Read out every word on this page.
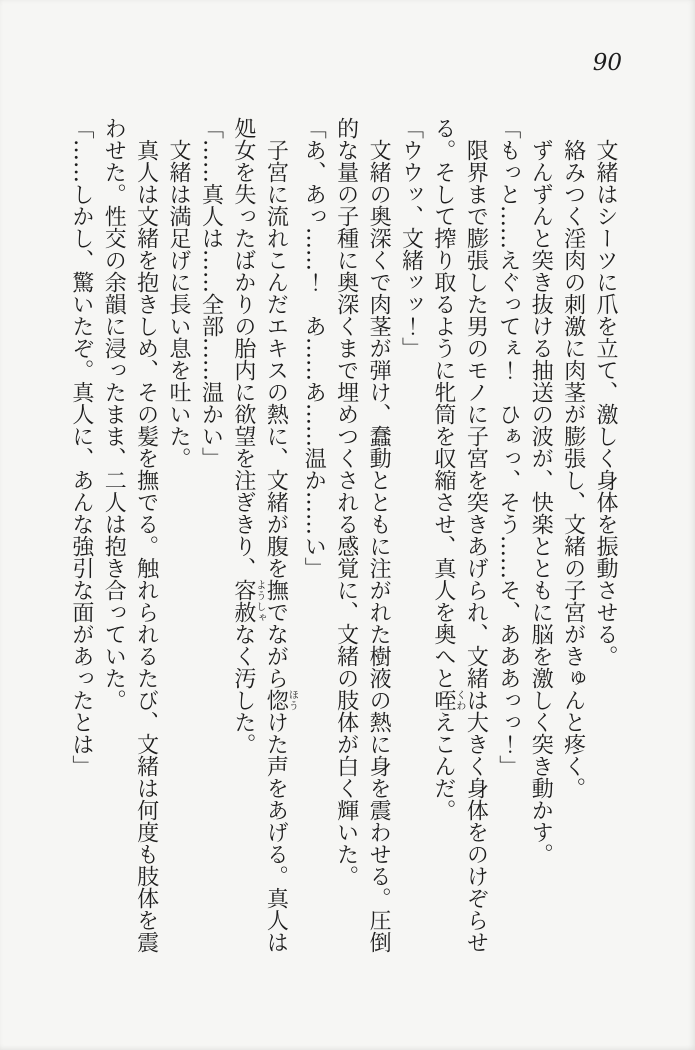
90

文緒はシーツに爪を立て、激しく身体を振動させる。

絡みつく淫肉の刺激に肉茎が膨張し、文緒の子宮がきゅんと疼く。

ずんずんと突き抜ける抽送の波が、快楽とともに脳を激しく突き動かす。

「もっと……えぐってぇ！　ひぁっ、そう……そ、あああっっ！」

限界まで膨張した男のモノに子宮を突きあげられ、文緒は大きく身体をのけぞらせる。そして搾り取るように牝筒を収縮させ、真人を奥へと咥くわえこんだ。

「ウウッ、文緒ッッ！」

文緒の奥深くで肉茎が弾け、蠢動とともに注がれた樹液の熱に身を震わせる。圧倒的な量の子種に奥深くまで埋めつくされる感覚に、文緒の肢体が白く輝いた。

「あ、あっ……！　あ……あ……温か……い」

子宮に流れこんだエキスの熱に、文緒が腹を撫でながら惚ほうけた声をあげる。真人は処女を失ったばかりの胎内に欲望を注ぎきり、容赦ようしゃなく汚した。

「……真人は……全部……温かい」

文緒は満足げに長い息を吐いた。

真人は文緒を抱きしめ、その髪を撫でる。触れられるたび、文緒は何度も肢体を震わせた。性交の余韻に浸ったまま、二人は抱き合っていた。

「……しかし、驚いたぞ。真人に、あんな強引な面があったとは」
